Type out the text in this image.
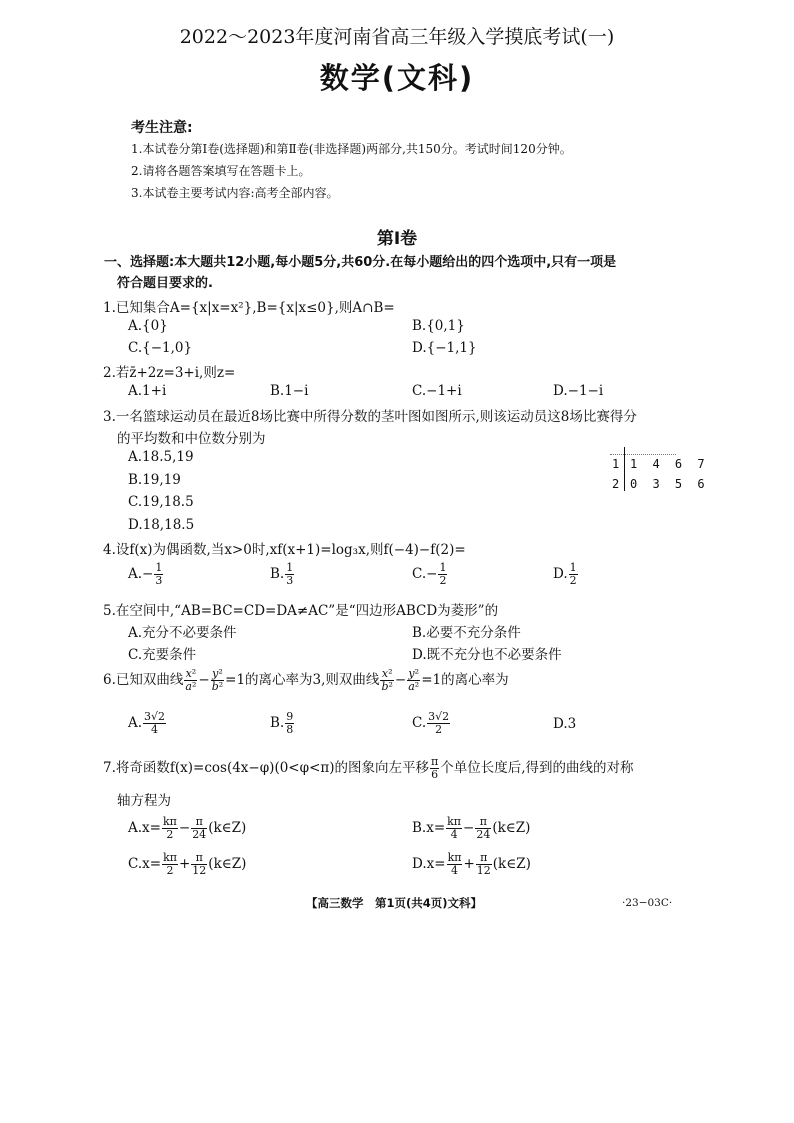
2022～2023年度河南省高三年级入学摸底考试(一)
数学(文科)
考生注意:
1.本试卷分第Ⅰ卷(选择题)和第Ⅱ卷(非选择题)两部分,共150分。考试时间120分钟。
2.请将各题答案填写在答题卡上。
3.本试卷主要考试内容:高考全部内容。
第Ⅰ卷
一、选择题:本大题共12小题,每小题5分,共60分.在每小题给出的四个选项中,只有一项是
符合题目要求的.
1.已知集合A={x|x=x²},B={x|x≤0},则A∩B=
A.{0}	B.{0,1}
C.{−1,0}	D.{−1,1}
2.若z̄+2z=3+i,则z=
A.1+i	B.1−i	C.−1+i	D.−1−i
3.一名篮球运动员在最近8场比赛中所得分数的茎叶图如图所示,则该运动员这8场比赛得分
的平均数和中位数分别为
A.18.5,19
B.19,19
C.19,18.5
D.18,18.5
1 1 4 6 7
2 0 3 5 6
4.设f(x)为偶函数,当x>0时,xf(x+1)=log₃x,则f(−4)−f(2)=
$A.- \frac{1}{3}$	B. $\frac{1}{3}$	$C.- \frac{1}{2}$	D. $\frac{1}{2}$
5.在空间中,“AB=BC=CD=DA≠AC”是“四边形ABCD为菱形”的
A.充分不必要条件	B.必要不充分条件
C.充要条件	D.既不充分也不必要条件
6.已知双曲线 $\frac{\text{x²}}{\text{a²}} - \frac{\text{y²}}{\text{b²}} =1$的离心率为3,则双曲线 $\frac{\text{x²}}{\text{b²}} - \frac{\text{y²}}{\text{a²}} =1$的离心率为
A. $\frac{3√2}{4}$	B. $\frac{9}{8}$	C. $\frac{3√2}{2}$	D.3
7.将奇函数f(x)=cos(4x−φ)(0<φ<π)的图象向左平移 $\frac{\pi}{6}$ 个单位长度后,得到的曲线的对称
轴方程为
$A.x= \frac{k\pi}{2} - \frac{\pi}{24}$ (k∈Z)	$B.x= \frac{k\pi}{4} - \frac{\pi}{24}$ (k∈Z)
$C.x= \frac{k\pi}{2} + \frac{\pi}{12}$ (k∈Z)	$D.x= \frac{k\pi}{4} + \frac{\pi}{12}$ (k∈Z)
【高三数学　第1页(共4页)文科】	·23−03C·
